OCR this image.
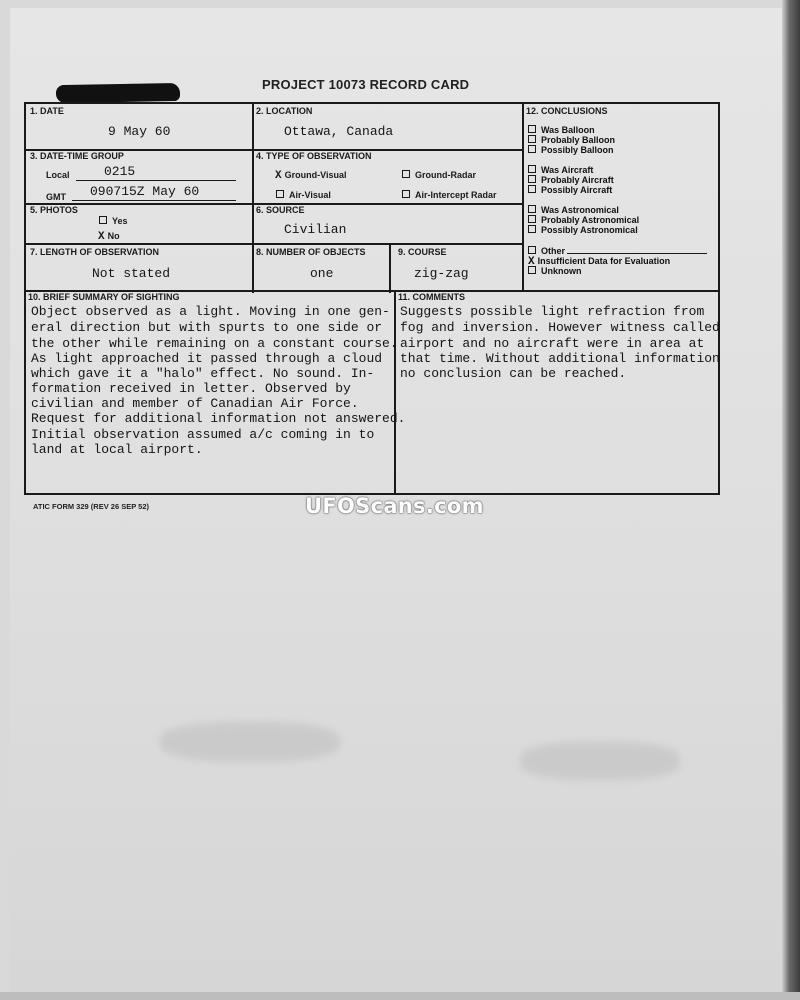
PROJECT 10073 RECORD CARD
1. DATE
9 May 60
2. LOCATION
Ottawa, Canada
3. DATE-TIME GROUP
Local	0215
GMT 090715Z May 60
4. TYPE OF OBSERVATION
X Ground-Visual	Ground-Radar
Air-Visual	Air-Intercept Radar
5. PHOTOS
Yes
X No
6. SOURCE
Civilian
7. LENGTH OF OBSERVATION
Not stated
8. NUMBER OF OBJECTS
one
9. COURSE
zig-zag
12. CONCLUSIONS
Was Balloon
Probably Balloon
Possibly Balloon
Was Aircraft
Probably Aircraft
Possibly Aircraft
Was Astronomical
Probably Astronomical
Possibly Astronomical
Other
X Insufficient Data for Evaluation
Unknown
10. BRIEF SUMMARY OF SIGHTING
Object observed as a light. Moving in one gen-
eral direction but with spurts to one side or
the other while remaining on a constant course.
As light approached it passed through a cloud
which gave it a "halo" effect. No sound. In-
formation received in letter. Observed by
civilian and member of Canadian Air Force.
Request for additional information not answered.
Initial observation assumed a/c coming in to
land at local airport.
11. COMMENTS
Suggests possible light refraction from
fog and inversion. However witness called
airport and no aircraft were in area at
that time. Without additional information
no conclusion can be reached.
ATIC FORM 329 (REV 26 SEP 52)	UFOScans.com
